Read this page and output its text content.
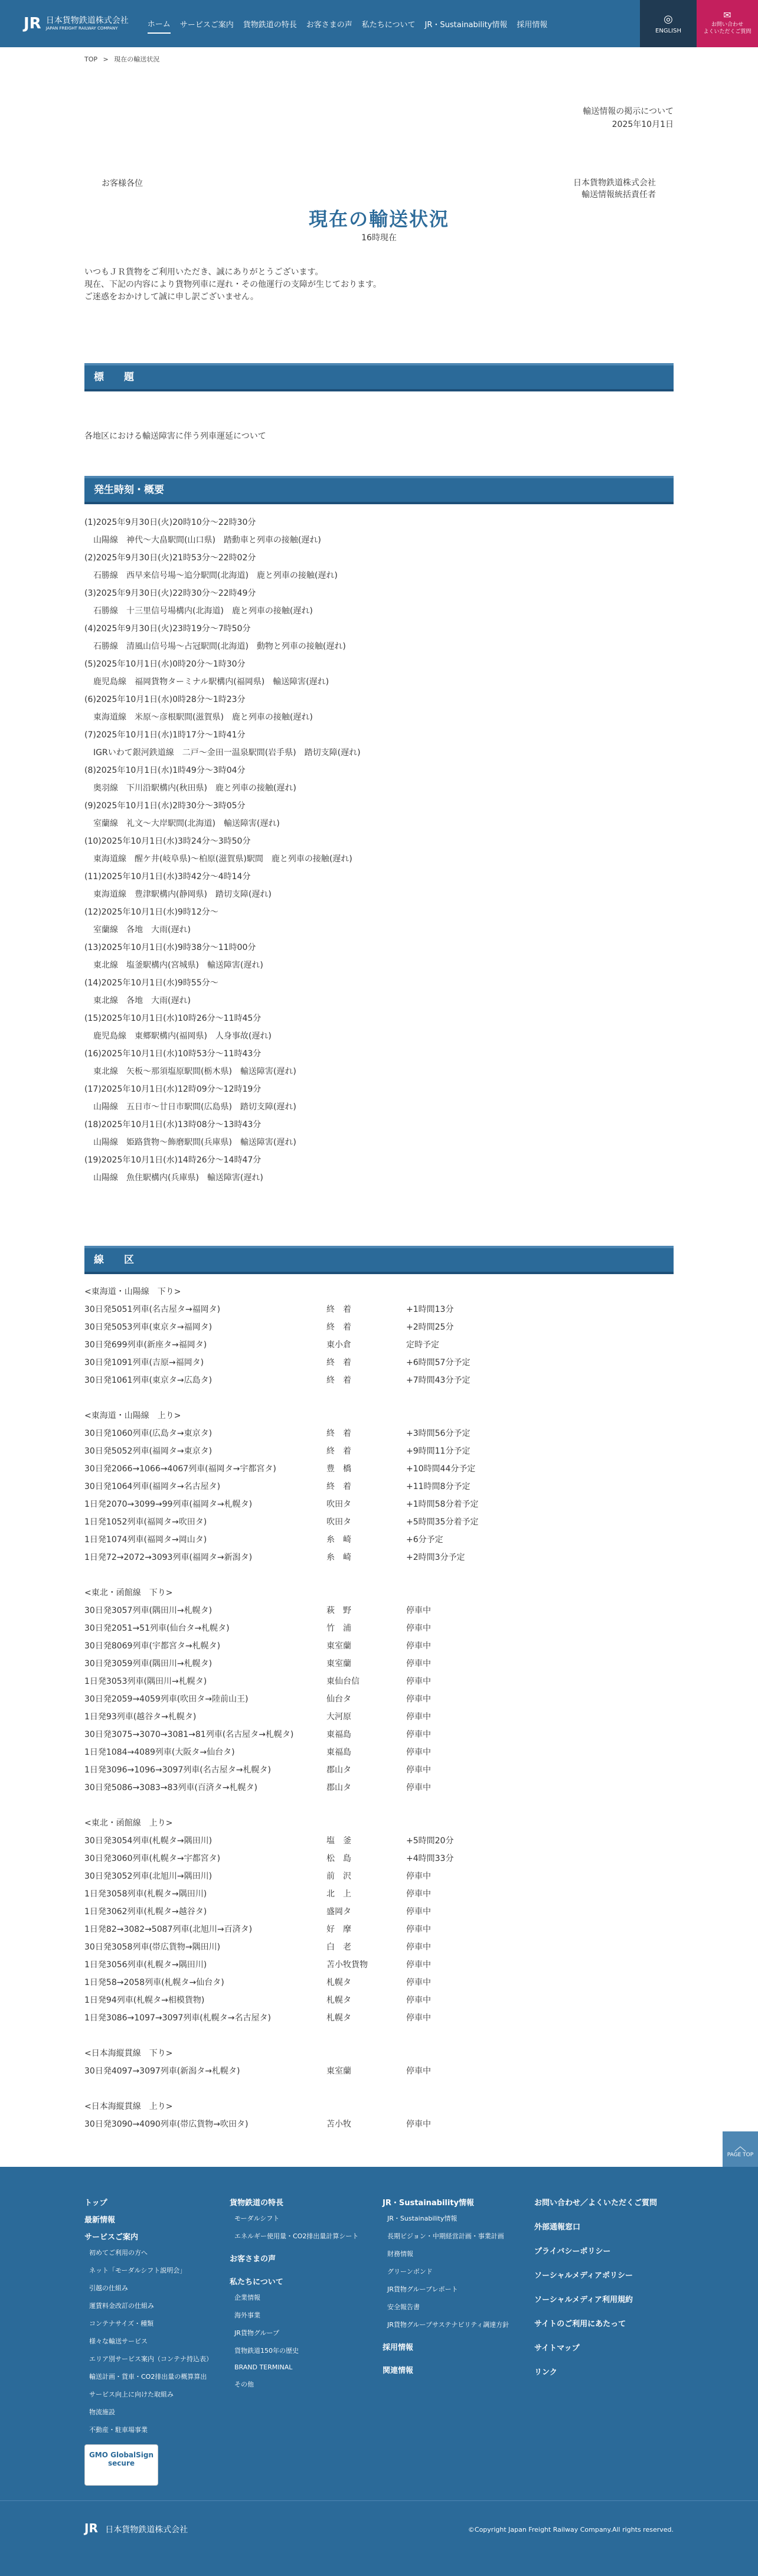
JR 日本貨物鉄道株式会社
JAPAN FREIGHT RAILWAY COMPANY	ホーム サービスご案内 貨物鉄道の特長 お客さまの声 私たちについて JR・Sustainability情報 採用情報	◎
ENGLISH
✉
お問い合わせ
よくいただくご質問
TOP > 現在の輸送状況
輸送情報の掲示について
2025年10月1日
お客様各位	日本貨物鉄道株式会社
輸送情報統括責任者
現在の輸送状況
16時現在
いつもＪＲ貨物をご利用いただき、誠にありがとうございます。
現在、下記の内容により貨物列車に遅れ・その他運行の支障が生じております。
ご迷惑をおかけして誠に申し訳ございません。
標　　題
各地区における輸送障害に伴う列車運延について
発生時刻・概要
(1)2025年9月30日(火)20時10分～22時30分
山陽線　神代～大畠駅間(山口県)　踏動車と列車の接触(遅れ)
(2)2025年9月30日(火)21時53分～22時02分
石勝線　西早来信号場～追分駅間(北海道)　鹿と列車の接触(遅れ)
(3)2025年9月30日(火)22時30分～22時49分
石勝線　十三里信号場構内(北海道)　鹿と列車の接触(遅れ)
(4)2025年9月30日(火)23時19分～7時50分
石勝線　清風山信号場～占冠駅間(北海道)　動物と列車の接触(遅れ)
(5)2025年10月1日(水)0時20分～1時30分
鹿児島線　福岡貨物ターミナル駅構内(福岡県)　輸送障害(遅れ)
(6)2025年10月1日(水)0時28分～1時23分
東海道線　米原～彦根駅間(滋賀県)　鹿と列車の接触(遅れ)
(7)2025年10月1日(水)1時17分～1時41分
IGRいわて銀河鉄道線　二戸～金田一温泉駅間(岩手県)　踏切支障(遅れ)
(8)2025年10月1日(水)1時49分～3時04分
奥羽線　下川沿駅構内(秋田県)　鹿と列車の接触(遅れ)
(9)2025年10月1日(水)2時30分～3時05分
室蘭線　礼文～大岸駅間(北海道)　輸送障害(遅れ)
(10)2025年10月1日(水)3時24分～3時50分
東海道線　醒ケ井(岐阜県)～柏原(滋賀県)駅間　鹿と列車の接触(遅れ)
(11)2025年10月1日(水)3時42分～4時14分
東海道線　豊津駅構内(静岡県)　踏切支障(遅れ)
(12)2025年10月1日(水)9時12分～
室蘭線　各地　大雨(遅れ)
(13)2025年10月1日(水)9時38分～11時00分
東北線　塩釜駅構内(宮城県)　輸送障害(遅れ)
(14)2025年10月1日(水)9時55分～
東北線　各地　大雨(遅れ)
(15)2025年10月1日(水)10時26分～11時45分
鹿児島線　東郷駅構内(福岡県)　人身事故(遅れ)
(16)2025年10月1日(水)10時53分～11時43分
東北線　矢板～那須塩原駅間(栃木県)　輸送障害(遅れ)
(17)2025年10月1日(水)12時09分～12時19分
山陽線　五日市～廿日市駅間(広島県)　踏切支障(遅れ)
(18)2025年10月1日(水)13時08分～13時43分
山陽線　姫路貨物～飾磨駅間(兵庫県)　輸送障害(遅れ)
(19)2025年10月1日(水)14時26分～14時47分
山陽線　魚住駅構内(兵庫県)　輸送障害(遅れ)
線　　区
<東海道・山陽線　下り>
30日発5051列車(名古屋タ→福岡タ)	終　着	+1時間13分
30日発5053列車(東京タ→福岡タ)	終　着	+2時間25分
30日発699列車(新座タ→福岡タ)	東小倉	定時予定
30日発1091列車(吉原→福岡タ)	終　着	+6時間57分予定
30日発1061列車(東京タ→広島タ)	終　着	+7時間43分予定
<東海道・山陽線　上り>
30日発1060列車(広島タ→東京タ)	終　着	+3時間56分予定
30日発5052列車(福岡タ→東京タ)	終　着	+9時間11分予定
30日発2066→1066→4067列車(福岡タ→宇都宮タ)	豊　橋	+10時間44分予定
30日発1064列車(福岡タ→名古屋タ)	終　着	+11時間8分予定
1日発2070→3099→99列車(福岡タ→札幌タ)	吹田タ	+1時間58分着予定
1日発1052列車(福岡タ→吹田タ)	吹田タ	+5時間35分着予定
1日発1074列車(福岡タ→岡山タ)	糸　崎	+6分予定
1日発72→2072→3093列車(福岡タ→新潟タ)	糸　崎	+2時間3分予定
<東北・函館線　下り>
30日発3057列車(隅田川→札幌タ)	萩　野	停車中
30日発2051→51列車(仙台タ→札幌タ)	竹　浦	停車中
30日発8069列車(宇都宮タ→札幌タ)	東室蘭	停車中
30日発3059列車(隅田川→札幌タ)	東室蘭	停車中
1日発3053列車(隅田川→札幌タ)	東仙台信	停車中
30日発2059→4059列車(吹田タ→陸前山王)	仙台タ	停車中
1日発93列車(越谷タ→札幌タ)	大河原	停車中
30日発3075→3070→3081→81列車(名古屋タ→札幌タ)	東福島	停車中
1日発1084→4089列車(大阪タ→仙台タ)	東福島	停車中
1日発3096→1096→3097列車(名古屋タ→札幌タ)	郡山タ	停車中
30日発5086→3083→83列車(百済タ→札幌タ)	郡山タ	停車中
<東北・函館線　上り>
30日発3054列車(札幌タ→隅田川)	塩　釜	+5時間20分
30日発3060列車(札幌タ→宇都宮タ)	松　島	+4時間33分
30日発3052列車(北旭川→隅田川)	前　沢	停車中
1日発3058列車(札幌タ→隅田川)	北　上	停車中
1日発3062列車(札幌タ→越谷タ)	盛岡タ	停車中
1日発82→3082→5087列車(北旭川→百済タ)	好　摩	停車中
30日発3058列車(帯広貨物→隅田川)	白　老	停車中
1日発3056列車(札幌タ→隅田川)	苫小牧貨物	停車中
1日発58→2058列車(札幌タ→仙台タ)	札幌タ	停車中
1日発94列車(札幌タ→相模貨物)	札幌タ	停車中
1日発3086→1097→3097列車(札幌タ→名古屋タ)	札幌タ	停車中
<日本海縦貫線　下り>
30日発4097→3097列車(新潟タ→札幌タ)	東室蘭	停車中
<日本海縦貫線　上り>
30日発3090→4090列車(帯広貨物→吹田タ)	苫小牧	停車中
︿
PAGE TOP
トップ
最新情報
サービスご案内
初めてご利用の方へ
ネット「モーダルシフト説明会」
引越の仕組み
運賃料金改訂の仕組み
コンテナサイズ・種類
様々な輸送サービス
エリア別サービス案内（コンテナ持込表）
輸送計画・貨車・CO2排出量の概算算出
サービス向上に向けた取組み
物流施設
不動産・駐車場事業
貨物鉄道の特長
モーダルシフト
エネルギー使用量・CO2排出量計算シート
お客さまの声
私たちについて
企業情報
海外事業
JR貨物グループ
貨物鉄道150年の歴史
BRAND TERMINAL
その他
JR・Sustainability情報
JR・Sustainability情報
長期ビジョン・中期経営計画・事業計画
財務情報
グリーンボンド
JR貨物グループレポート
安全報告書
JR貨物グループサステナビリティ調達方針
採用情報
関連情報
お問い合わせ／よくいただくご質問
外部通報窓口
プライバシーポリシー
ソーシャルメディアポリシー
ソーシャルメディア利用規約
サイトのご利用にあたって
サイトマップ
リンク
GMO GlobalSign secure
JR 日本貨物鉄道株式会社	©Copyright Japan Freight Railway Company.All rights reserved.
